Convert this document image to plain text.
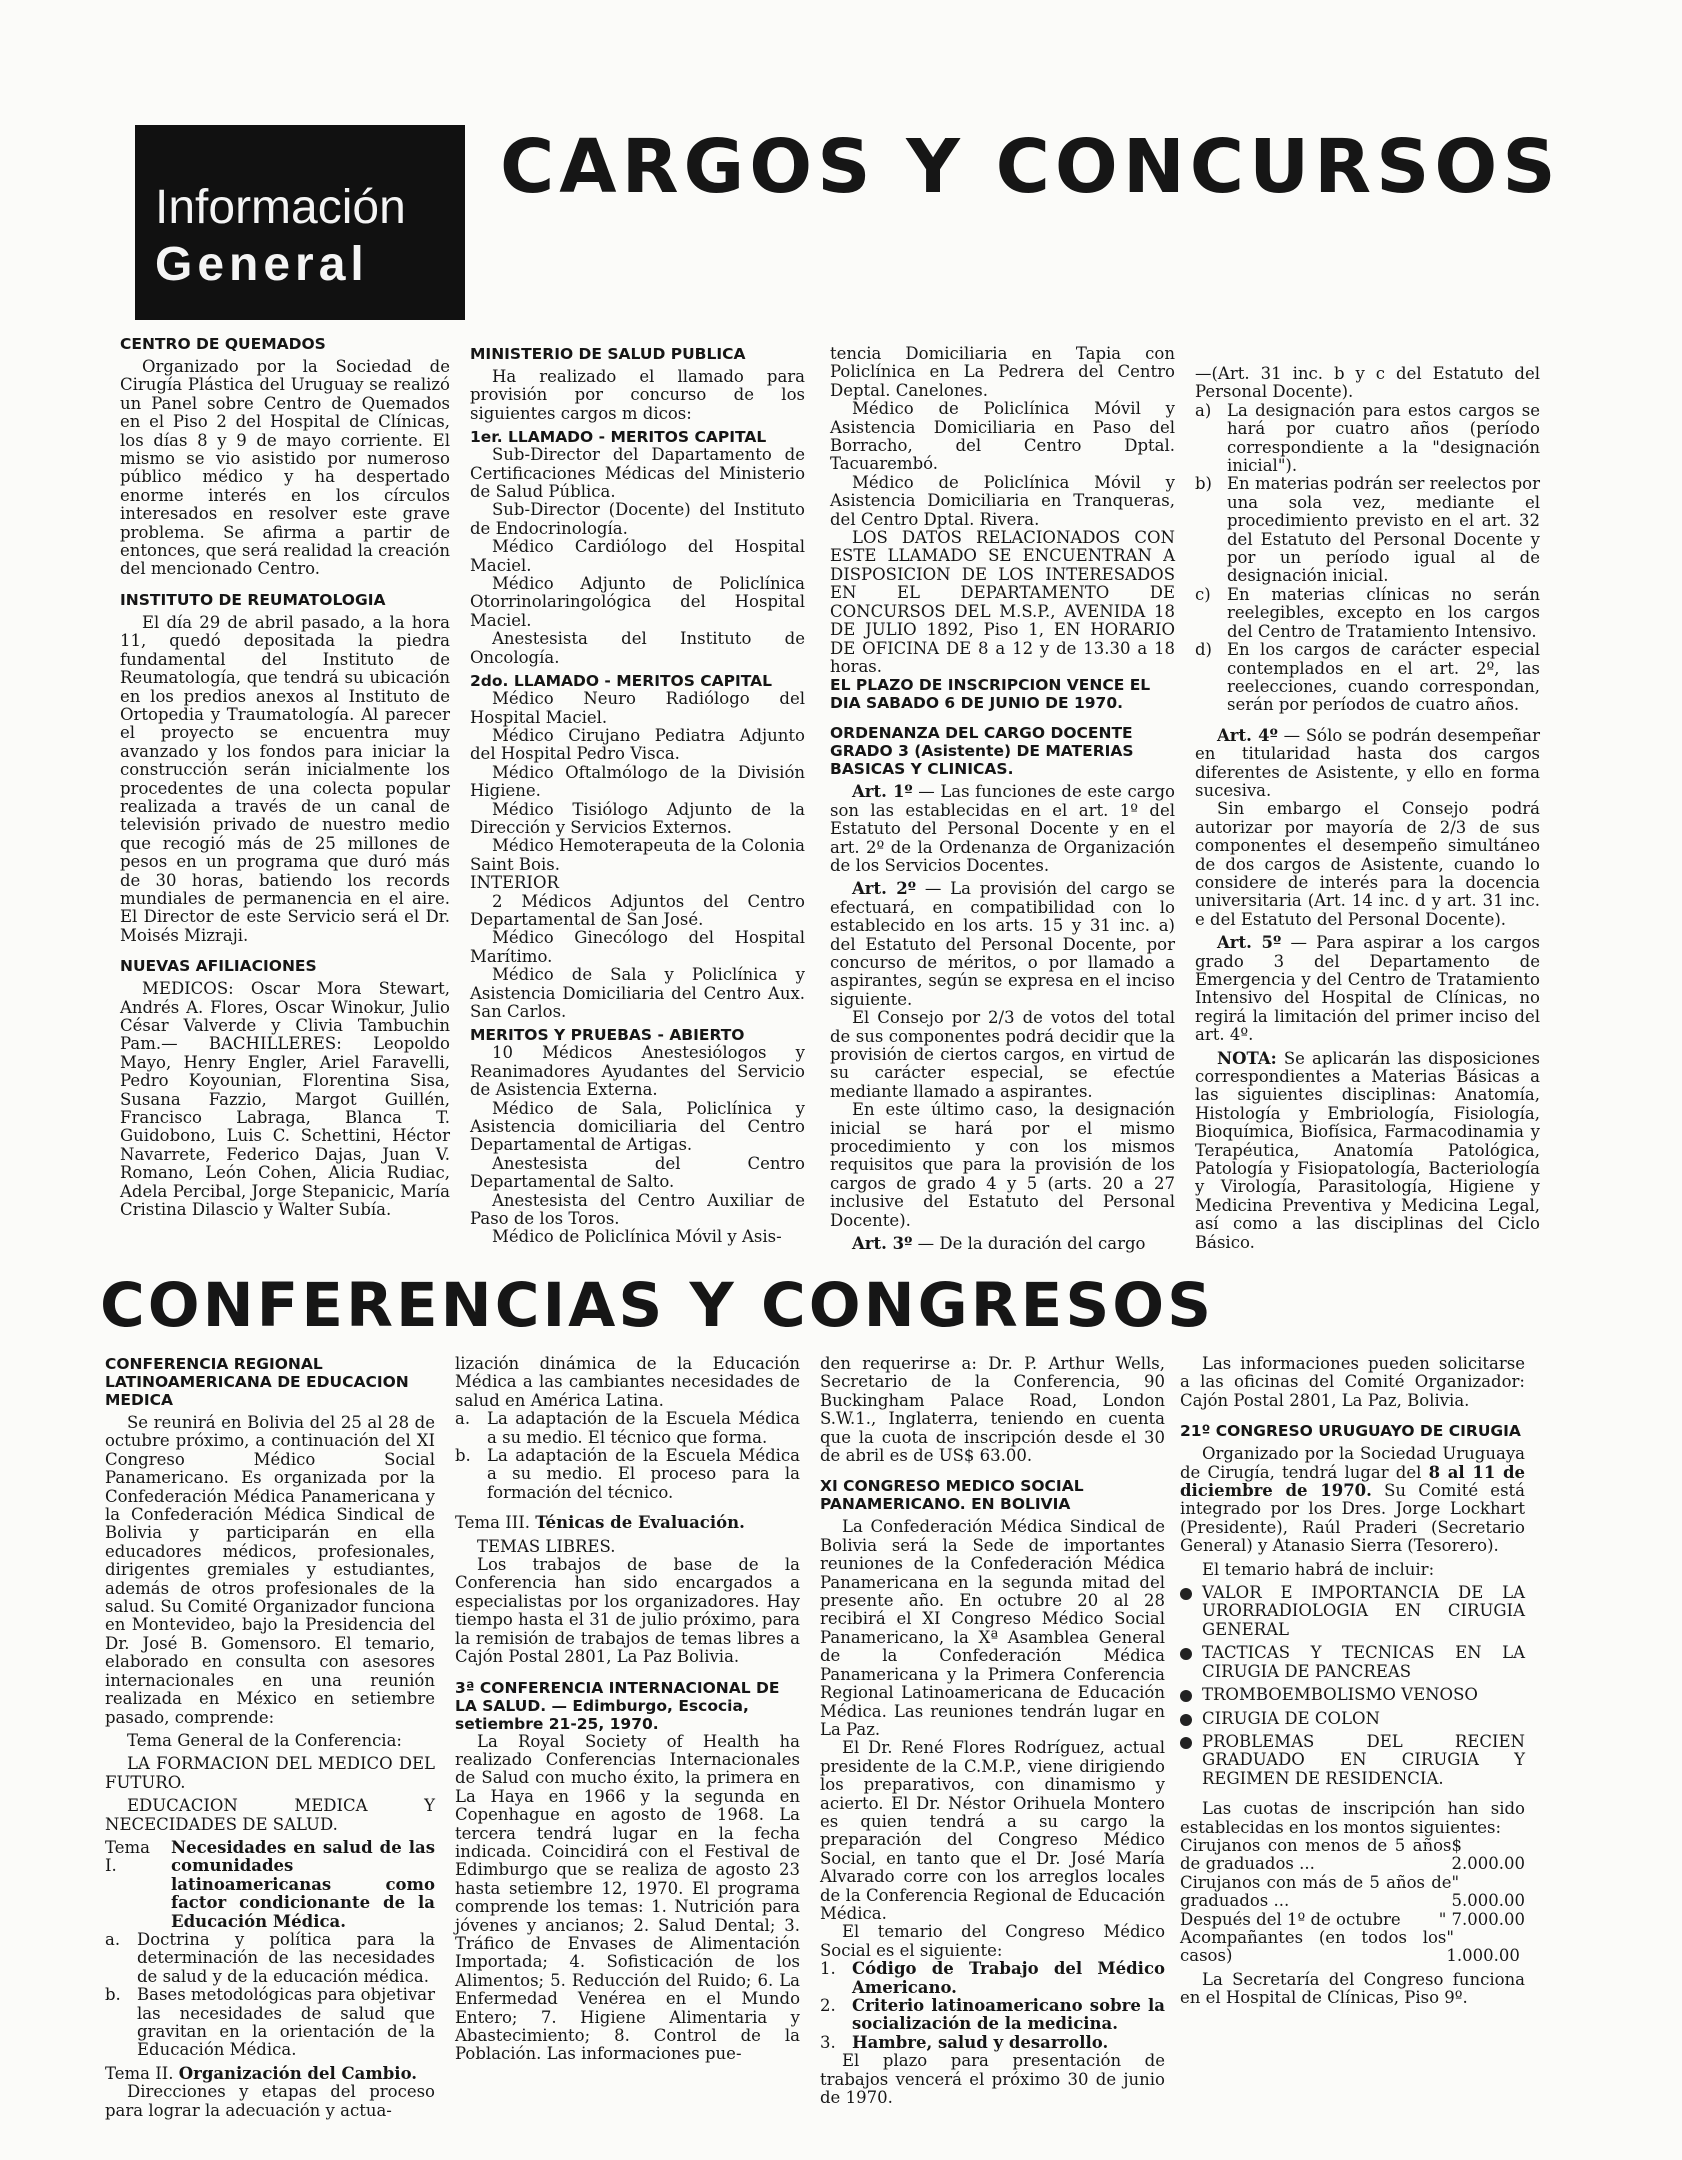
Información
General
CARGOS Y CONCURSOS
CENTRO DE QUEMADOS

Organizado por la Sociedad de Cirugía Plástica del Uruguay se realizó un Panel sobre Centro de Quemados en el Piso 2 del Hospital de Clínicas, los días 8 y 9 de mayo corriente. El mismo se vio asistido por numeroso público médico y ha despertado enorme interés en los círculos interesados en resolver este grave problema. Se afirma a partir de entonces, que será realidad la creación del mencionado Centro.

INSTITUTO DE REUMATOLOGIA

El día 29 de abril pasado, a la hora 11, quedó depositada la piedra fundamental del Instituto de Reumatología, que tendrá su ubicación en los predios anexos al Instituto de Ortopedia y Traumatología. Al parecer el proyecto se encuentra muy avanzado y los fondos para iniciar la construcción serán inicialmente los procedentes de una colecta popular realizada a través de un canal de televisión privado de nuestro medio que recogió más de 25 millones de pesos en un programa que duró más de 30 horas, batiendo los records mundiales de permanencia en el aire. El Director de este Servicio será el Dr. Moisés Mizraji.

NUEVAS AFILIACIONES

MEDICOS: Oscar Mora Stewart, Andrés A. Flores, Oscar Winokur, Julio César Valverde y Clivia Tambuchin Pam.— BACHILLERES: Leopoldo Mayo, Henry Engler, Ariel Faravelli, Pedro Koyounian, Florentina Sisa, Susana Fazzio, Margot Guillén, Francisco Labraga, Blanca T. Guidobono, Luis C. Schettini, Héctor Navarrete, Federico Dajas, Juan V. Romano, León Cohen, Alicia Rudiac, Adela Percibal, Jorge Stepanicic, María Cristina Dilascio y Walter Subía.

MINISTERIO DE SALUD PUBLICA

Ha realizado el llamado para provisión por concurso de los siguientes cargos m dicos:

1er. LLAMADO - MERITOS CAPITAL

Sub-Director del Dapartamento de Certificaciones Médicas del Ministerio de Salud Pública.

Sub-Director (Docente) del Instituto de Endocrinología.

Médico Cardiólogo del Hospital Maciel.

Médico Adjunto de Policlínica Otorrinolaringológica del Hospital Maciel.

Anestesista del Instituto de Oncología.

2do. LLAMADO - MERITOS CAPITAL

Médico Neuro Radiólogo del Hospital Maciel.

Médico Cirujano Pediatra Adjunto del Hospital Pedro Visca.

Médico Oftalmólogo de la División Higiene.

Médico Tisiólogo Adjunto de la Dirección y Servicios Externos.

Médico Hemoterapeuta de la Colonia Saint Bois.

INTERIOR

2 Médicos Adjuntos del Centro Departamental de San José.

Médico Ginecólogo del Hospital Marítimo.

Médico de Sala y Policlínica y Asistencia Domiciliaria del Centro Aux. San Carlos.

MERITOS Y PRUEBAS - ABIERTO

10 Médicos Anestesiólogos y Reanimadores Ayudantes del Servicio de Asistencia Externa.

Médico de Sala, Policlínica y Asistencia domiciliaria del Centro Departamental de Artigas.

Anestesista del Centro Departamental de Salto.

Anestesista del Centro Auxiliar de Paso de los Toros.

Médico de Policlínica Móvil y Asis-

tencia Domiciliaria en Tapia con Policlínica en La Pedrera del Centro Deptal. Canelones.

Médico de Policlínica Móvil y Asistencia Domiciliaria en Paso del Borracho, del Centro Dptal. Tacuarembó.

Médico de Policlínica Móvil y Asistencia Domiciliaria en Tranqueras, del Centro Dptal. Rivera.

LOS DATOS RELACIONADOS CON ESTE LLAMADO SE ENCUENTRAN A DISPOSICION DE LOS INTERESADOS EN EL DEPARTAMENTO DE CONCURSOS DEL M.S.P., AVENIDA 18 DE JULIO 1892, Piso 1, EN HORARIO DE OFICINA DE 8 a 12 y de 13.30 a 18 horas.

EL PLAZO DE INSCRIPCION VENCE EL DIA SABADO 6 DE JUNIO DE 1970.

ORDENANZA DEL CARGO DOCENTE GRADO 3 (Asistente) DE MATERIAS BASICAS Y CLINICAS.

Art. 1º — Las funciones de este cargo son las establecidas en el art. 1º del Estatuto del Personal Docente y en el art. 2º de la Ordenanza de Organización de los Servicios Docentes.

Art. 2º — La provisión del cargo se efectuará, en compatibilidad con lo establecido en los arts. 15 y 31 inc. a) del Estatuto del Personal Docente, por concurso de méritos, o por llamado a aspirantes, según se expresa en el inciso siguiente.

El Consejo por 2/3 de votos del total de sus componentes podrá decidir que la provisión de ciertos cargos, en virtud de su carácter especial, se efectúe mediante llamado a aspirantes.

En este último caso, la designación inicial se hará por el mismo procedimiento y con los mismos requisitos que para la provisión de los cargos de grado 4 y 5 (arts. 20 a 27 inclusive del Estatuto del Personal Docente).

Art. 3º — De la duración del cargo

—(Art. 31 inc. b y c del Estatuto del Personal Docente).

a) La designación para estos cargos se hará por cuatro años (período correspondiente a la "designación inicial").
b) En materias podrán ser reelectos por una sola vez, mediante el procedimiento previsto en el art. 32 del Estatuto del Personal Docente y por un período igual al de designación inicial.
c) En materias clínicas no serán reelegibles, excepto en los cargos del Centro de Tratamiento Intensivo.
d) En los cargos de carácter especial contemplados en el art. 2º, las reelecciones, cuando correspondan, serán por períodos de cuatro años.

Art. 4º — Sólo se podrán desempeñar en titularidad hasta dos cargos diferentes de Asistente, y ello en forma sucesiva.

Sin embargo el Consejo podrá autorizar por mayoría de 2/3 de sus componentes el desempeño simultáneo de dos cargos de Asistente, cuando lo considere de interés para la docencia universitaria (Art. 14 inc. d y art. 31 inc. e del Estatuto del Personal Docente).

Art. 5º — Para aspirar a los cargos grado 3 del Departamento de Emergencia y del Centro de Tratamiento Intensivo del Hospital de Clínicas, no regirá la limitación del primer inciso del art. 4º.

NOTA: Se aplicarán las disposiciones correspondientes a Materias Básicas a las siguientes disciplinas: Anatomía, Histología y Embriología, Fisiología, Bioquímica, Biofísica, Farmacodinamia y Terapéutica, Anatomía Patológica, Patología y Fisiopatología, Bacteriología y Virología, Parasitología, Higiene y Medicina Preventiva y Medicina Legal, así como a las disciplinas del Ciclo Básico.

CONFERENCIAS Y CONGRESOS
CONFERENCIA REGIONAL LATINOAMERICANA DE EDUCACION MEDICA

Se reunirá en Bolivia del 25 al 28 de octubre próximo, a continuación del XI Congreso Médico Social Panamericano. Es organizada por la Confederación Médica Panamericana y la Confederación Médica Sindical de Bolivia y participarán en ella educadores médicos, profesionales, dirigentes gremiales y estudiantes, además de otros profesionales de la salud. Su Comité Organizador funciona en Montevideo, bajo la Presidencia del Dr. José B. Gomensoro. El temario, elaborado en consulta con asesores internacionales en una reunión realizada en México en setiembre pasado, comprende:

Tema General de la Conferencia:

LA FORMACION DEL MEDICO DEL FUTURO.

EDUCACION MEDICA Y NECECIDADES DE SALUD.

Tema I.
Necesidades en salud de las comunidades latinoamericanas como factor condicionante de la Educación Médica.
a.	Doctrina y política para la determinación de las necesidades de salud y de la educación médica.
b. Bases metodológicas para objetivar las necesidades de salud que gravitan en la orientación de la Educación Médica.

Tema II. Organización del Cambio.

Direcciones y etapas del proceso para lograr la adecuación y actua-

lización dinámica de la Educación Médica a las cambiantes necesidades de salud en América Latina.

a.	La adaptación de la Escuela Médica a su medio. El técnico que forma.
b. La adaptación de la Escuela Médica a su medio. El proceso para la formación del técnico.

Tema III. Ténicas de Evaluación.

TEMAS LIBRES.

Los trabajos de base de la Conferencia han sido encargados a especialistas por los organizadores. Hay tiempo hasta el 31 de julio próximo, para la remisión de trabajos de temas libres a Cajón Postal 2801, La Paz Bolivia.

3ª CONFERENCIA INTERNACIONAL DE LA SALUD. — Edimburgo, Escocia, setiembre 21-25, 1970.

La Royal Society of Health ha realizado Conferencias Internacionales de Salud con mucho éxito, la primera en La Haya en 1966 y la segunda en Copenhague en agosto de 1968. La tercera tendrá lugar en la fecha indicada. Coincidirá con el Festival de Edimburgo que se realiza de agosto 23 hasta setiembre 12, 1970. El programa comprende los temas: 1. Nutrición para jóvenes y ancianos; 2. Salud Dental; 3. Tráfico de Envases de Alimentación Importada; 4. Sofisticación de los Alimentos; 5. Reducción del Ruido; 6. La Enfermedad Venérea en el Mundo Entero; 7. Higiene Alimentaria y Abastecimiento; 8. Control de la Población. Las informaciones pue-

den requerirse a: Dr. P. Arthur Wells, Secretario de la Conferencia, 90 Buckingham Palace Road, London S.W.1., Inglaterra, teniendo en cuenta que la cuota de inscripción desde el 30 de abril es de US$ 63.00.

XI CONGRESO MEDICO SOCIAL PANAMERICANO. EN BOLIVIA

La Confederación Médica Sindical de Bolivia será la Sede de importantes reuniones de la Confederación Médica Panamericana en la segunda mitad del presente año. En octubre 20 al 28 recibirá el XI Congreso Médico Social Panamericano, la Xª Asamblea General de la Confederación Médica Panamericana y la Primera Conferencia Regional Latinoamericana de Educación Médica. Las reuniones tendrán lugar en La Paz.

El Dr. René Flores Rodríguez, actual presidente de la C.M.P., viene dirigiendo los preparativos, con dinamismo y acierto. El Dr. Néstor Orihuela Montero es quien tendrá a su cargo la preparación del Congreso Médico Social, en tanto que el Dr. José María Alvarado corre con los arreglos locales de la Conferencia Regional de Educación Médica.

El temario del Congreso Médico Social es el siguiente:

1. Código de Trabajo del Médico Americano.
2. Criterio latinoamericano sobre la socialización de la medicina.
3. Hambre, salud y desarrollo.

El plazo para presentación de trabajos vencerá el próximo 30 de junio de 1970.

Las informaciones pueden solicitarse a las oficinas del Comité Organizador: Cajón Postal 2801, La Paz, Bolivia.

21º CONGRESO URUGUAYO DE CIRUGIA

Organizado por la Sociedad Uruguaya de Cirugía, tendrá lugar del 8 al 11 de diciembre de 1970. Su Comité está integrado por los Dres. Jorge Lockhart (Presidente), Raúl Praderi (Secretario General) y Atanasio Sierra (Tesorero).

El temario habrá de incluir:

VALOR E IMPORTANCIA DE LA URORRADIOLOGIA EN CIRUGIA GENERAL
TACTICAS Y TECNICAS EN LA CIRUGIA DE PANCREAS
TROMBOEMBOLISMO VENOSO
CIRUGIA DE COLON
PROBLEMAS DEL RECIEN GRADUADO EN CIRUGIA Y REGIMEN DE RESIDENCIA.

Las cuotas de inscripción han sido establecidas en los montos siguientes:

Cirujanos con menos de 5 años de graduados ...
$ 2.000.00
Cirujanos con más de 5 años de graduados ...
" 5.000.00
Después del 1º de octubre " 7.000.00
Acompañantes (en todos los casos)
" 1.000.00

La Secretaría del Congreso funciona en el Hospital de Clínicas, Piso 9º.
